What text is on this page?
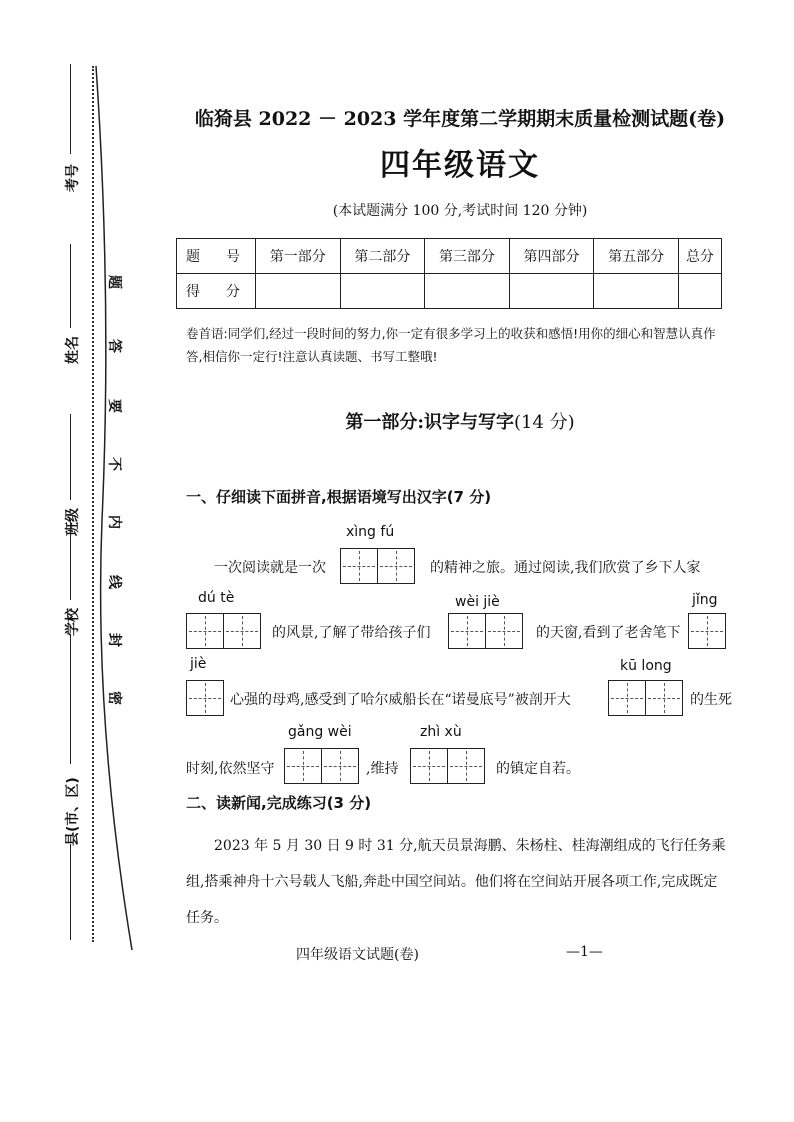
考号
姓名
班级
学校
县(市、区)
题
答
要
不
内
线
封
密
临猗县 2022 － 2023 学年度第二学期期末质量检测试题(卷)
四年级语文
(本试题满分 100 分,考试时间 120 分钟)
题　号	第一部分	第二部分	第三部分	第四部分	第五部分	总分
得　分						
卷首语:同学们,经过一段时间的努力,你一定有很多学习上的收获和感悟!用你的细心和智慧认真作答,相信你一定行!注意认真读题、书写工整哦!
第一部分:识字与写字(14 分)
一、仔细读下面拼音,根据语境写出汉字(7 分)
xìng fú
一次阅读就是一次	的精神之旅。通过阅读,我们欣赏了乡下人家
dú tè	wèi jiè	jǐng
的风景,了解了带给孩子们	的天窗,看到了老舍笔下
jiè	kū long
心强的母鸡,感受到了哈尔威船长在“诺曼底号”被剖开大	的生死
gǎng wèi	zhì xù
时刻,依然坚守	,维持	的镇定自若。
二、读新闻,完成练习(3 分)
2023 年 5 月 30 日 9 时 31 分,航天员景海鹏、朱杨柱、桂海潮组成的飞行任务乘组,搭乘神舟十六号载人飞船,奔赴中国空间站。他们将在空间站开展各项工作,完成既定任务。
四年级语文试题(卷)	—1—
